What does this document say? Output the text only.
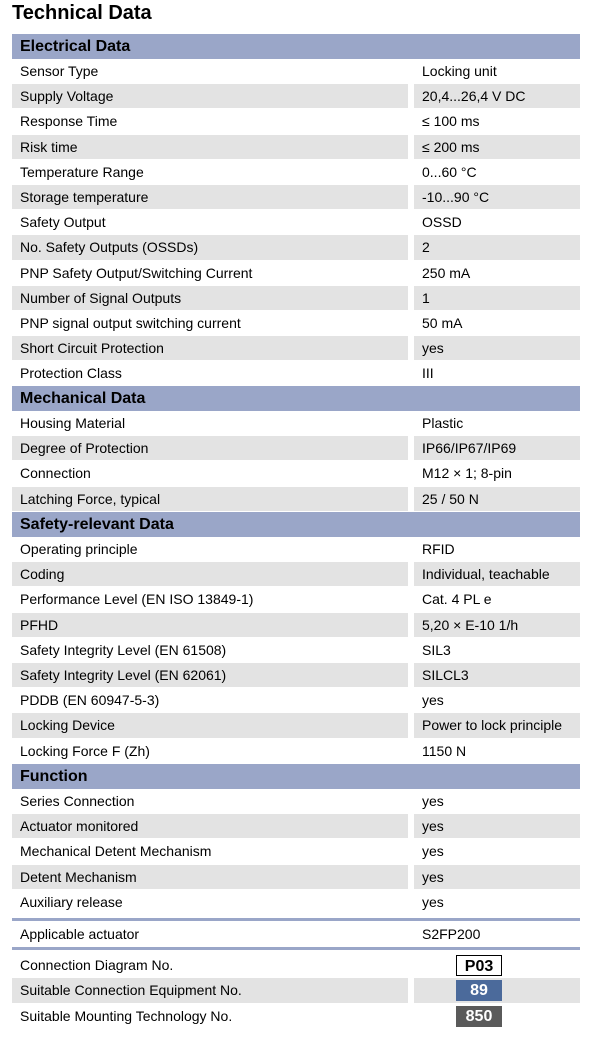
Technical Data
Electrical Data
Sensor Type	Locking unit
Supply Voltage	20,4...26,4 V DC
Response Time	≤ 100 ms
Risk time	≤ 200 ms
Temperature Range	0...60 °C
Storage temperature	-10...90 °C
Safety Output	OSSD
No. Safety Outputs (OSSDs)	2
PNP Safety Output/Switching Current	250 mA
Number of Signal Outputs	1
PNP signal output switching current	50 mA
Short Circuit Protection	yes
Protection Class	III
Mechanical Data
Housing Material	Plastic
Degree of Protection	IP66/IP67/IP69
Connection	M12 × 1; 8-pin
Latching Force, typical	25 / 50 N
Safety-relevant Data
Operating principle	RFID
Coding	Individual, teachable
Performance Level (EN ISO 13849-1)	Cat. 4 PL e
PFHD	5,20 × E-10 1/h
Safety Integrity Level (EN 61508)	SIL3
Safety Integrity Level (EN 62061)	SILCL3
PDDB (EN 60947-5-3)	yes
Locking Device	Power to lock principle
Locking Force F (Zh)	1150 N
Function
Series Connection	yes
Actuator monitored	yes
Mechanical Detent Mechanism	yes
Detent Mechanism	yes
Auxiliary release	yes
Applicable actuator	S2FP200
Connection Diagram No.	P03
Suitable Connection Equipment No.	89
Suitable Mounting Technology No.	850
